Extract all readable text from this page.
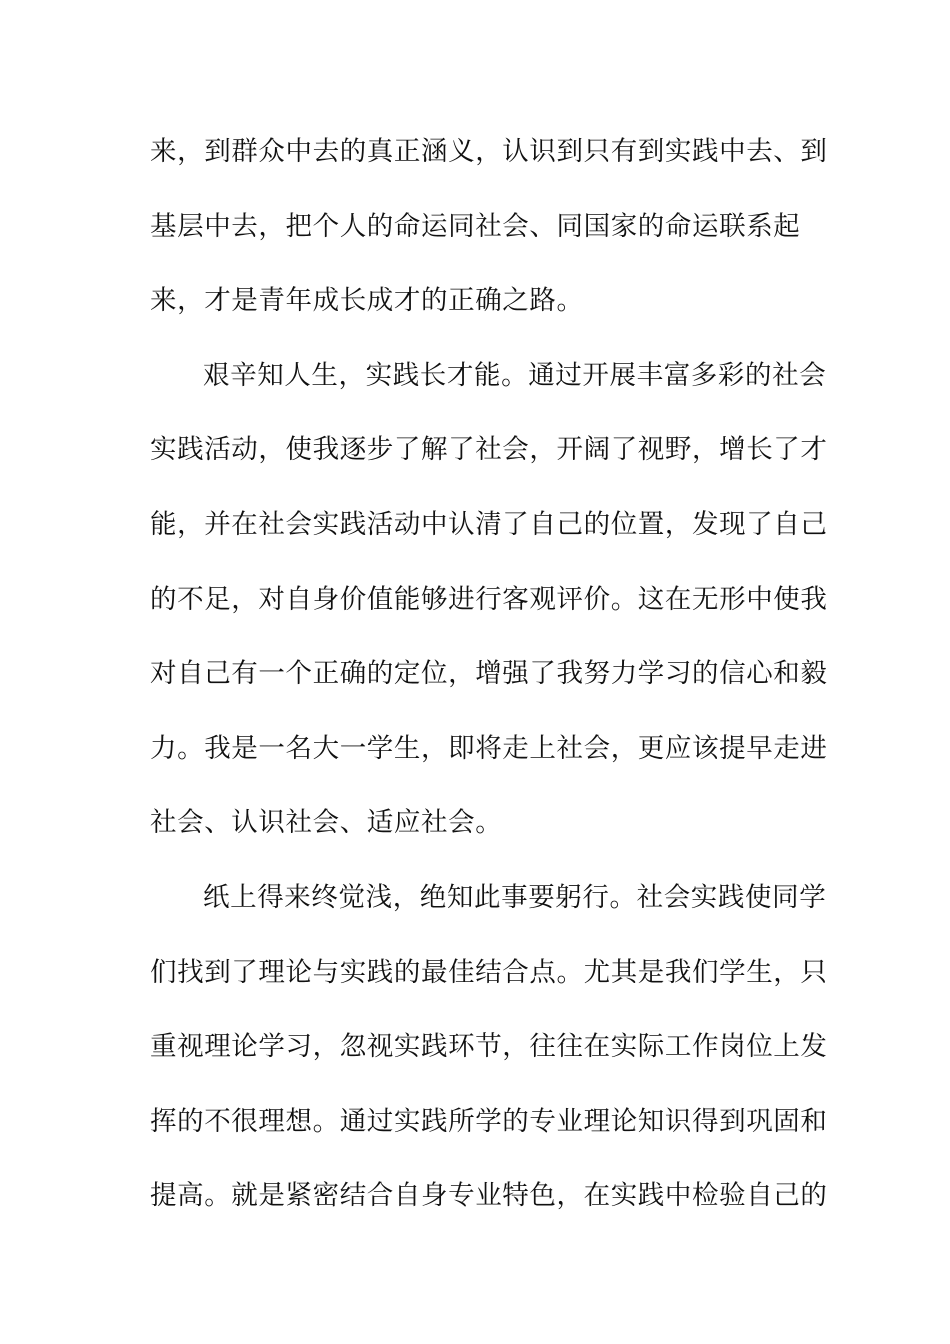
来，到群众中去的真正涵义，认识到只有到实践中去、到
基层中去，把个人的命运同社会、同国家的命运联系起
来，才是青年成长成才的正确之路。
艰辛知人生，实践长才能。通过开展丰富多彩的社会
实践活动，使我逐步了解了社会，开阔了视野，增长了才
能，并在社会实践活动中认清了自己的位置，发现了自己
的不足，对自身价值能够进行客观评价。这在无形中使我
对自己有一个正确的定位，增强了我努力学习的信心和毅
力。我是一名大一学生，即将走上社会，更应该提早走进
社会、认识社会、适应社会。
纸上得来终觉浅，绝知此事要躬行。社会实践使同学
们找到了理论与实践的最佳结合点。尤其是我们学生，只
重视理论学习，忽视实践环节，往往在实际工作岗位上发
挥的不很理想。通过实践所学的专业理论知识得到巩固和
提高。就是紧密结合自身专业特色，在实践中检验自己的
